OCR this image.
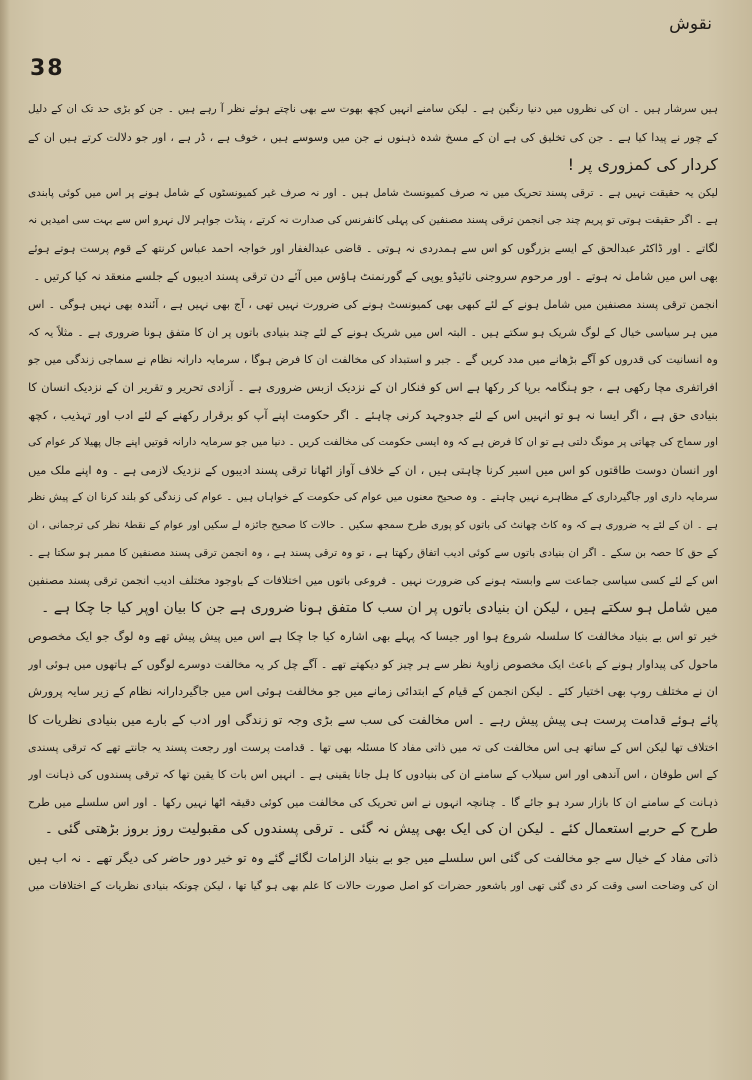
نقوش
38
ہیں سرشار ہیں ۔ ان کی نظروں میں دنیا رنگین ہے ۔ لیکن سامنے انہیں کچھ بھوت سے بھی ناچتے ہوئے نظر آ رہے ہیں ۔ جن کو بڑی حد تک ان کے دلیل
کے چور نے پیدا کیا ہے ۔ جن کی تخلیق کی ہے ان کے مسخ شدہ ذہنوں نے جن میں وسوسے ہیں ، خوف ہے ، ڈر ہے ، اور جو دلالت کرتے ہیں ان کے
کردار کی کمزوری پر !
لیکن یہ حقیقت نہیں ہے ۔ ترقی پسند تحریک میں نہ صرف کمیونسٹ شامل ہیں ۔ اور نہ صرف غیر کمیونسٹوں کے شامل ہونے پر اس میں کوئی پابندی
ہے ۔ اگر حقیقت ہوتی تو پریم چند جی انجمن ترقی پسند مصنفین کی پہلی کانفرنس کی صدارت نہ کرتے ، پنڈت جواہر لال نہرو اس سے بہت سی امیدیں نہ
لگاتے ۔ اور ڈاکٹر عبدالحق کے ایسے بزرگوں کو اس سے ہمدردی نہ ہوتی ۔ قاضی عبدالغفار اور خواجہ احمد عباس کرنتھ کے قوم پرست ہوتے ہوئے
بھی اس میں شامل نہ ہوتے ۔ اور مرحوم سروجنی نائیڈو یوپی کے گورنمنٹ ہاؤس میں آئے دن ترقی پسند ادیبوں کے جلسے منعقد نہ کیا کرتیں ۔
انجمن ترقی پسند مصنفین میں شامل ہونے کے لئے کبھی بھی کمیونسٹ ہونے کی ضرورت نہیں تھی ، آج بھی نہیں ہے ، آئندہ بھی نہیں ہوگی ۔ اس
میں ہر سیاسی خیال کے لوگ شریک ہو سکتے ہیں ۔ البتہ اس میں شریک ہونے کے لئے چند بنیادی باتوں پر ان کا متفق ہونا ضروری ہے ۔ مثلاً یہ کہ
وہ انسانیت کی قدروں کو آگے بڑھانے میں مدد کریں گے ۔ جبر و استبداد کی مخالفت ان کا فرض ہوگا ، سرمایہ دارانہ نظام نے سماجی زندگی میں جو
افراتفری مچا رکھی ہے ، جو ہنگامہ برپا کر رکھا ہے اس کو فنکار ان کے نزدیک ازبس ضروری ہے ۔ آزادی تحریر و تقریر ان کے نزدیک انسان کا
بنیادی حق ہے ، اگر ایسا نہ ہو تو انہیں اس کے لئے جدوجہد کرنی چاہئے ۔ اگر حکومت اپنے آپ کو برقرار رکھنے کے لئے ادب اور تہذیب ، کچھ
اور سماج کی چھاتی پر مونگ دلتی ہے تو ان کا فرض ہے کہ وہ ایسی حکومت کی مخالفت کریں ۔ دنیا میں جو سرمایہ دارانہ قوتیں اپنے جال پھیلا کر عوام کی
اور انسان دوست طاقتوں کو اس میں اسیر کرنا چاہتی ہیں ، ان کے خلاف آواز اٹھانا ترقی پسند ادیبوں کے نزدیک لازمی ہے ۔ وہ اپنے ملک میں
سرمایہ داری اور جاگیرداری کے مظاہرے نہیں چاہتے ۔ وہ صحیح معنوں میں عوام کی حکومت کے خواہاں ہیں ۔ عوام کی زندگی کو بلند کرنا ان کے پیش نظر
ہے ۔ ان کے لئے یہ ضروری ہے کہ وہ کاٹ چھانٹ کی باتوں کو پوری طرح سمجھ سکیں ۔ حالات کا صحیح جائزہ لے سکیں اور عوام کے نقطۂ نظر کی ترجمانی ، ان
کے حق کا حصہ بن سکے ۔ اگر ان بنیادی باتوں سے کوئی ادیب اتفاق رکھتا ہے ، تو وہ ترقی پسند ہے ، وہ انجمن ترقی پسند مصنفین کا ممبر ہو سکتا ہے ۔
اس کے لئے کسی سیاسی جماعت سے وابستہ ہونے کی ضرورت نہیں ۔ فروعی باتوں میں اختلافات کے باوجود مختلف ادیب انجمن ترقی پسند مصنفین
میں شامل ہو سکتے ہیں ، لیکن ان بنیادی باتوں پر ان سب کا متفق ہونا ضروری ہے جن کا بیان اوپر کیا جا چکا ہے ۔
خیر تو اس بے بنیاد مخالفت کا سلسلہ شروع ہوا اور جیسا کہ پہلے بھی اشارہ کیا جا چکا ہے اس میں پیش پیش تھے وہ لوگ جو ایک مخصوص
ماحول کی پیداوار ہونے کے باعث ایک مخصوص زاویۂ نظر سے ہر چیز کو دیکھتے تھے ۔ آگے چل کر یہ مخالفت دوسرے لوگوں کے ہاتھوں میں ہوئی اور
ان نے مختلف روپ بھی اختیار کئے ۔ لیکن انجمن کے قیام کے ابتدائی زمانے میں جو مخالفت ہوئی اس میں جاگیردارانہ نظام کے زیر سایہ پرورش
پائے ہوئے قدامت پرست ہی پیش پیش رہے ۔ اس مخالفت کی سب سے بڑی وجہ تو زندگی اور ادب کے بارے میں بنیادی نظریات کا
اختلاف تھا لیکن اس کے ساتھ ہی اس مخالفت کی تہ میں ذاتی مفاد کا مسئلہ بھی تھا ۔ قدامت پرست اور رجعت پسند یہ جانتے تھے کہ ترقی پسندی
کے اس طوفان ، اس آندھی اور اس سیلاب کے سامنے ان کی بنیادوں کا ہل جانا یقینی ہے ۔ انہیں اس بات کا یقین تھا کہ ترقی پسندوں کی ذہانت اور
ذہانت کے سامنے ان کا بازار سرد ہو جائے گا ۔ چنانچہ انہوں نے اس تحریک کی مخالفت میں کوئی دقیقہ اٹھا نہیں رکھا ۔ اور اس سلسلے میں طرح
طرح کے حربے استعمال کئے ۔ لیکن ان کی ایک بھی پیش نہ گئی ۔ ترقی پسندوں کی مقبولیت روز بروز بڑھتی گئی ۔
ذاتی مفاد کے خیال سے جو مخالفت کی گئی اس سلسلے میں جو بے بنیاد الزامات لگائے گئے وہ تو خیر دور حاضر کی دیگر تھے ۔ نہ اب ہیں
ان کی وضاحت اسی وقت کر دی گئی تھی اور باشعور حضرات کو اصل صورت حالات کا علم بھی ہو گیا تھا ، لیکن چونکہ بنیادی نظریات کے اختلافات میں
